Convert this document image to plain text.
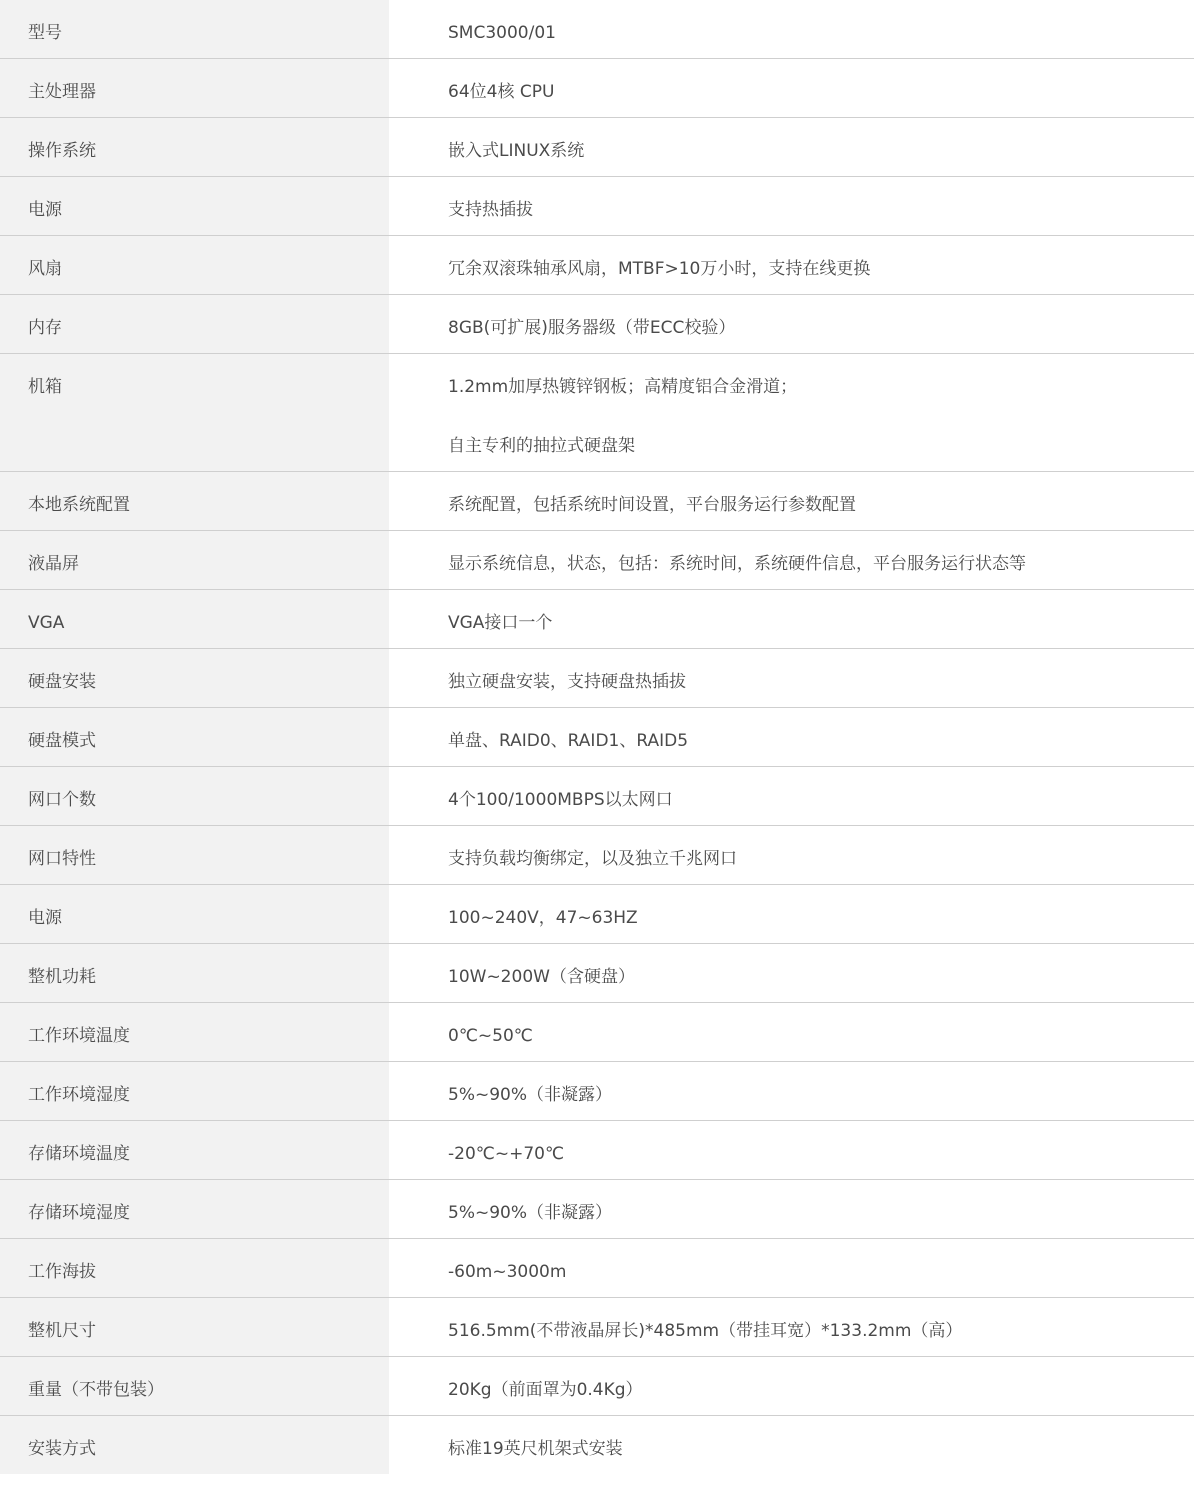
型号	SMC3000/01

主处理器	64位4核 CPU

操作系统	嵌入式LINUX系统

电源	支持热插拔

风扇	冗余双滚珠轴承风扇，MTBF>10万小时，支持在线更换

内存	8GB(可扩展)服务器级（带ECC校验）

机箱	1.2mm加厚热镀锌钢板；高精度铝合金滑道；
自主专利的抽拉式硬盘架

本地系统配置	系统配置，包括系统时间设置，平台服务运行参数配置

液晶屏	显示系统信息，状态，包括：系统时间，系统硬件信息，平台服务运行状态等

VGA	VGA接口一个

硬盘安装	独立硬盘安装，支持硬盘热插拔

硬盘模式	单盘、RAID0、RAID1、RAID5

网口个数	4个100/1000MBPS以太网口

网口特性	支持负载均衡绑定，以及独立千兆网口

电源	100~240V，47~63HZ

整机功耗	10W~200W（含硬盘）

工作环境温度	0℃~50℃

工作环境湿度	5%~90%（非凝露）

存储环境温度	-20℃~+70℃

存储环境湿度	5%~90%（非凝露）

工作海拔	-60m~3000m

整机尺寸	516.5mm(不带液晶屏长)*485mm（带挂耳宽）*133.2mm（高）

重量（不带包装）	20Kg（前面罩为0.4Kg）

安装方式	标准19英尺机架式安装
